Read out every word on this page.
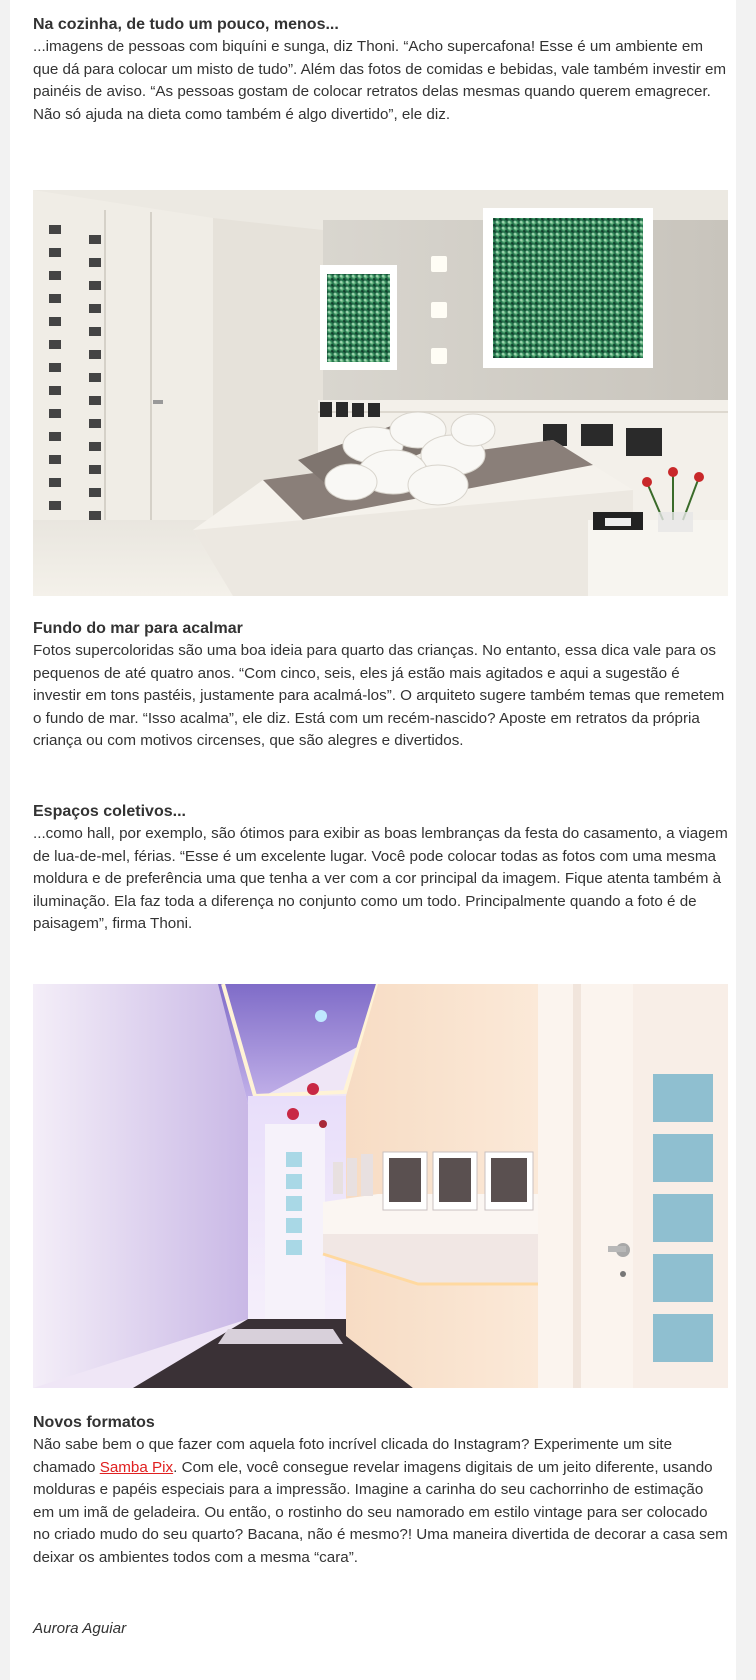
Na cozinha, de tudo um pouco, menos...

...imagens de pessoas com biquíni e sunga, diz Thoni. “Acho supercafona! Esse é um ambiente em que dá para colocar um misto de tudo”. Além das fotos de comidas e bebidas, vale também investir em painéis de aviso. “As pessoas gostam de colocar retratos delas mesmas quando querem emagrecer. Não só ajuda na dieta como também é algo divertido”, ele diz.

Fundo do mar para acalmar

Fotos supercoloridas são uma boa ideia para quarto das crianças. No entanto, essa dica vale para os pequenos de até quatro anos. “Com cinco, seis, eles já estão mais agitados e aqui a sugestão é investir em tons pastéis, justamente para acalmá-los”. O arquiteto sugere também temas que remetem o fundo de mar. “Isso acalma”, ele diz. Está com um recém-nascido? Aposte em retratos da própria criança ou com motivos circenses, que são alegres e divertidos.

Espaços coletivos...

...como hall, por exemplo, são ótimos para exibir as boas lembranças da festa do casamento, a viagem de lua-de-mel, férias. “Esse é um excelente lugar. Você pode colocar todas as fotos com uma mesma moldura e de preferência uma que tenha a ver com a cor principal da imagem. Fique atenta também à iluminação. Ela faz toda a diferença no conjunto como um todo. Principalmente quando a foto é de paisagem”, firma Thoni.

Novos formatos

Não sabe bem o que fazer com aquela foto incrível clicada do Instagram? Experimente um site chamado Samba Pix. Com ele, você consegue revelar imagens digitais de um jeito diferente, usando molduras e papéis especiais para a impressão. Imagine a carinha do seu cachorrinho de estimação em um imã de geladeira. Ou então, o rostinho do seu namorado em estilo vintage para ser colocado no criado mudo do seu quarto? Bacana, não é mesmo?! Uma maneira divertida de decorar a casa sem deixar os ambientes todos com a mesma “cara”.

Aurora Aguiar
